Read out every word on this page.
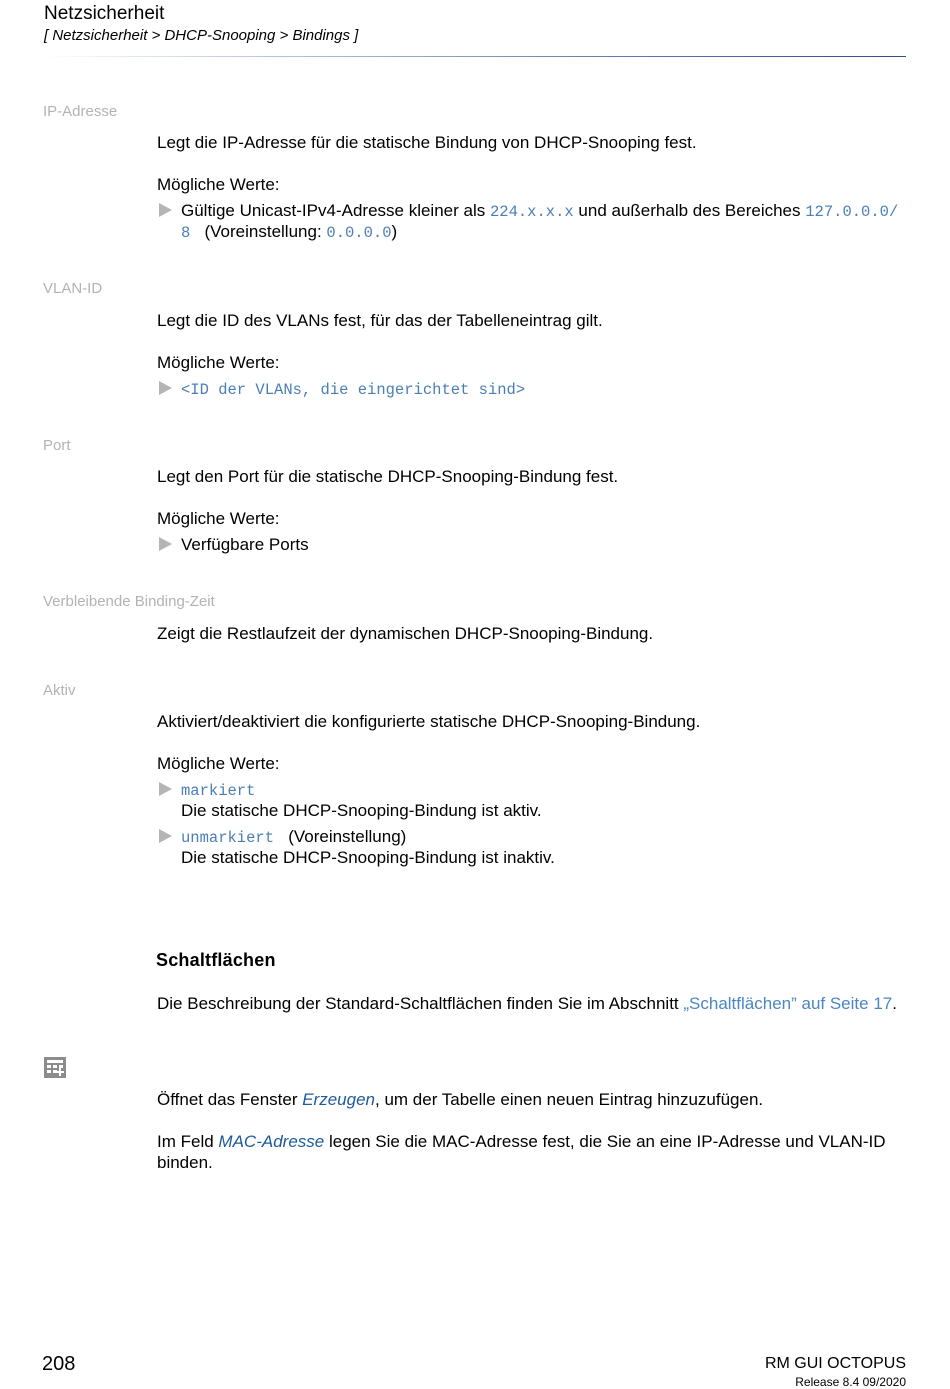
Netzsicherheit
[ Netzsicherheit > DHCP-Snooping > Bindings ]
IP-Adresse
Legt die IP-Adresse für die statische Bindung von DHCP-Snooping fest.
Mögliche Werte:
Gültige Unicast-IPv4-Adresse kleiner als 224.x.x.x und außerhalb des Bereiches 127.0.0.0/
8 (Voreinstellung: 0.0.0.0)
VLAN-ID
Legt die ID des VLANs fest, für das der Tabelleneintrag gilt.
Mögliche Werte:
<ID der VLANs, die eingerichtet sind>
Port
Legt den Port für die statische DHCP-Snooping-Bindung fest.
Mögliche Werte:
Verfügbare Ports
Verbleibende Binding-Zeit
Zeigt die Restlaufzeit der dynamischen DHCP-Snooping-Bindung.
Aktiv
Aktiviert/deaktiviert die konfigurierte statische DHCP-Snooping-Bindung.
Mögliche Werte:
markiert
Die statische DHCP-Snooping-Bindung ist aktiv.
unmarkiert (Voreinstellung)
Die statische DHCP-Snooping-Bindung ist inaktiv.
Schaltflächen
Die Beschreibung der Standard-Schaltflächen finden Sie im Abschnitt „Schaltflächen” auf Seite 17.
Öffnet das Fenster Erzeugen, um der Tabelle einen neuen Eintrag hinzuzufügen.
Im Feld MAC-Adresse legen Sie die MAC-Adresse fest, die Sie an eine IP-Adresse und VLAN-ID
binden.
208	RM GUI OCTOPUS
Release 8.4 09/2020
